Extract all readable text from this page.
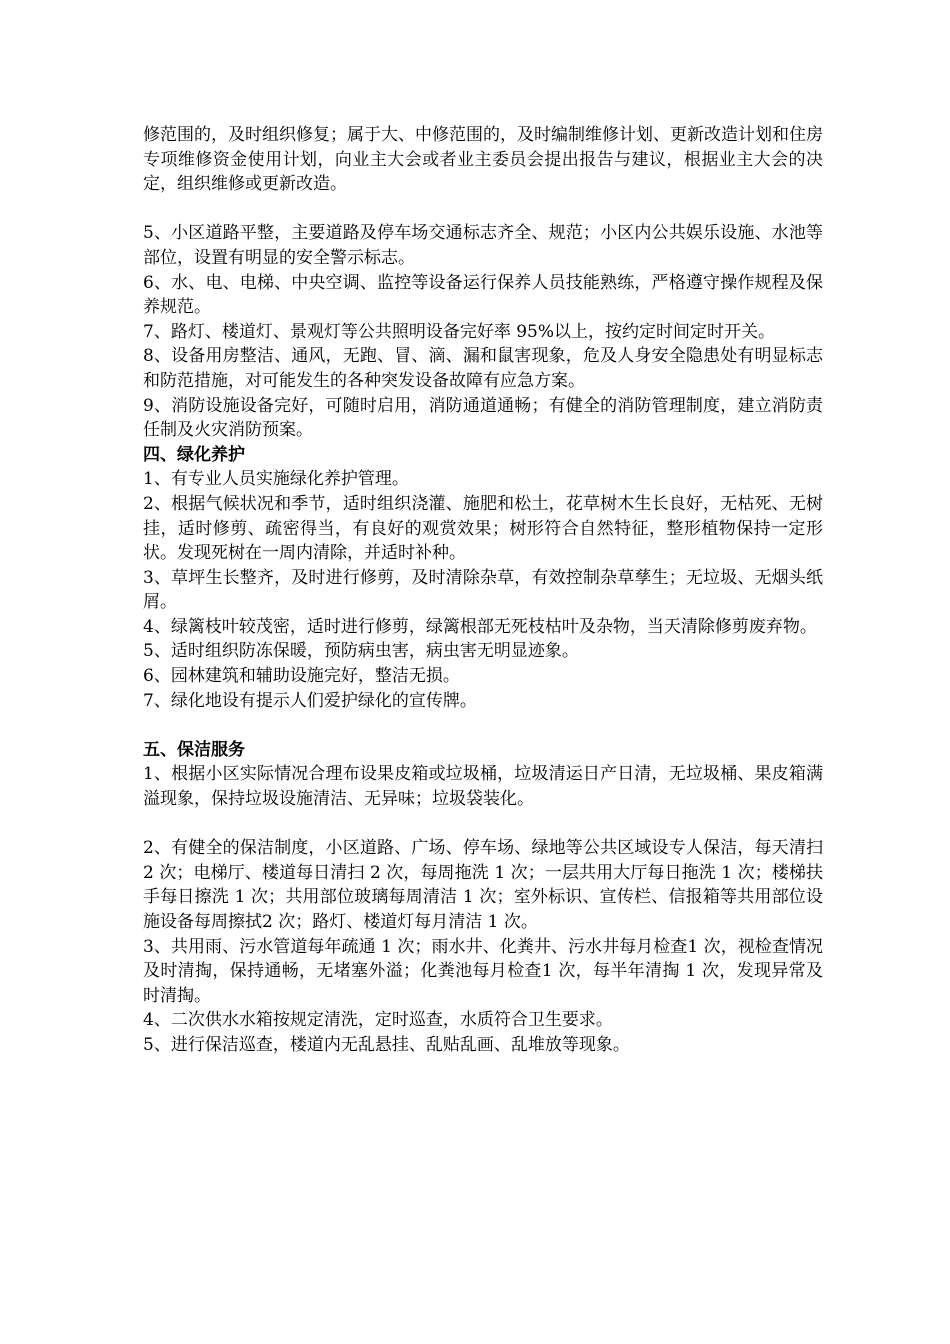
修范围的，及时组织修复；属于大、中修范围的，及时编制维修计划、更新改造计划和住房专项维修资金使用计划，向业主大会或者业主委员会提出报告与建议，根据业主大会的决定，组织维修或更新改造。

5、小区道路平整，主要道路及停车场交通标志齐全、规范；小区内公共娱乐设施、水池等部位，设置有明显的安全警示标志。

6、水、电、电梯、中央空调、监控等设备运行保养人员技能熟练，严格遵守操作规程及保养规范。

7、路灯、楼道灯、景观灯等公共照明设备完好率 95%以上，按约定时间定时开关。

8、设备用房整洁、通风，无跑、冒、滴、漏和鼠害现象，危及人身安全隐患处有明显标志和防范措施，对可能发生的各种突发设备故障有应急方案。

9、消防设施设备完好，可随时启用，消防通道通畅；有健全的消防管理制度，建立消防责任制及火灾消防预案。

四、绿化养护

1、有专业人员实施绿化养护管理。

2、根据气候状况和季节，适时组织浇灌、施肥和松土，花草树木生长良好，无枯死、无树挂，适时修剪、疏密得当，有良好的观赏效果；树形符合自然特征，整形植物保持一定形状。发现死树在一周内清除，并适时补种。

3、草坪生长整齐，及时进行修剪，及时清除杂草，有效控制杂草孳生；无垃圾、无烟头纸屑。

4、绿篱枝叶较茂密，适时进行修剪，绿篱根部无死枝枯叶及杂物，当天清除修剪废弃物。

5、适时组织防冻保暖，预防病虫害，病虫害无明显迹象。

6、园林建筑和辅助设施完好，整洁无损。

7、绿化地设有提示人们爱护绿化的宣传牌。

五、保洁服务

1、根据小区实际情况合理布设果皮箱或垃圾桶，垃圾清运日产日清，无垃圾桶、果皮箱满溢现象，保持垃圾设施清洁、无异味；垃圾袋装化。

2、有健全的保洁制度，小区道路、广场、停车场、绿地等公共区域设专人保洁，每天清扫 2 次；电梯厅、楼道每日清扫 2 次，每周拖洗 1 次；一层共用大厅每日拖洗 1 次；楼梯扶手每日擦洗 1 次；共用部位玻璃每周清洁 1 次；室外标识、宣传栏、信报箱等共用部位设施设备每周擦拭2 次；路灯、楼道灯每月清洁 1 次。

3、共用雨、污水管道每年疏通 1 次；雨水井、化粪井、污水井每月检查1 次，视检查情况及时清掏，保持通畅，无堵塞外溢；化粪池每月检查1 次，每半年清掏 1 次，发现异常及时清掏。

4、二次供水水箱按规定清洗，定时巡查，水质符合卫生要求。

5、进行保洁巡查，楼道内无乱悬挂、乱贴乱画、乱堆放等现象。
